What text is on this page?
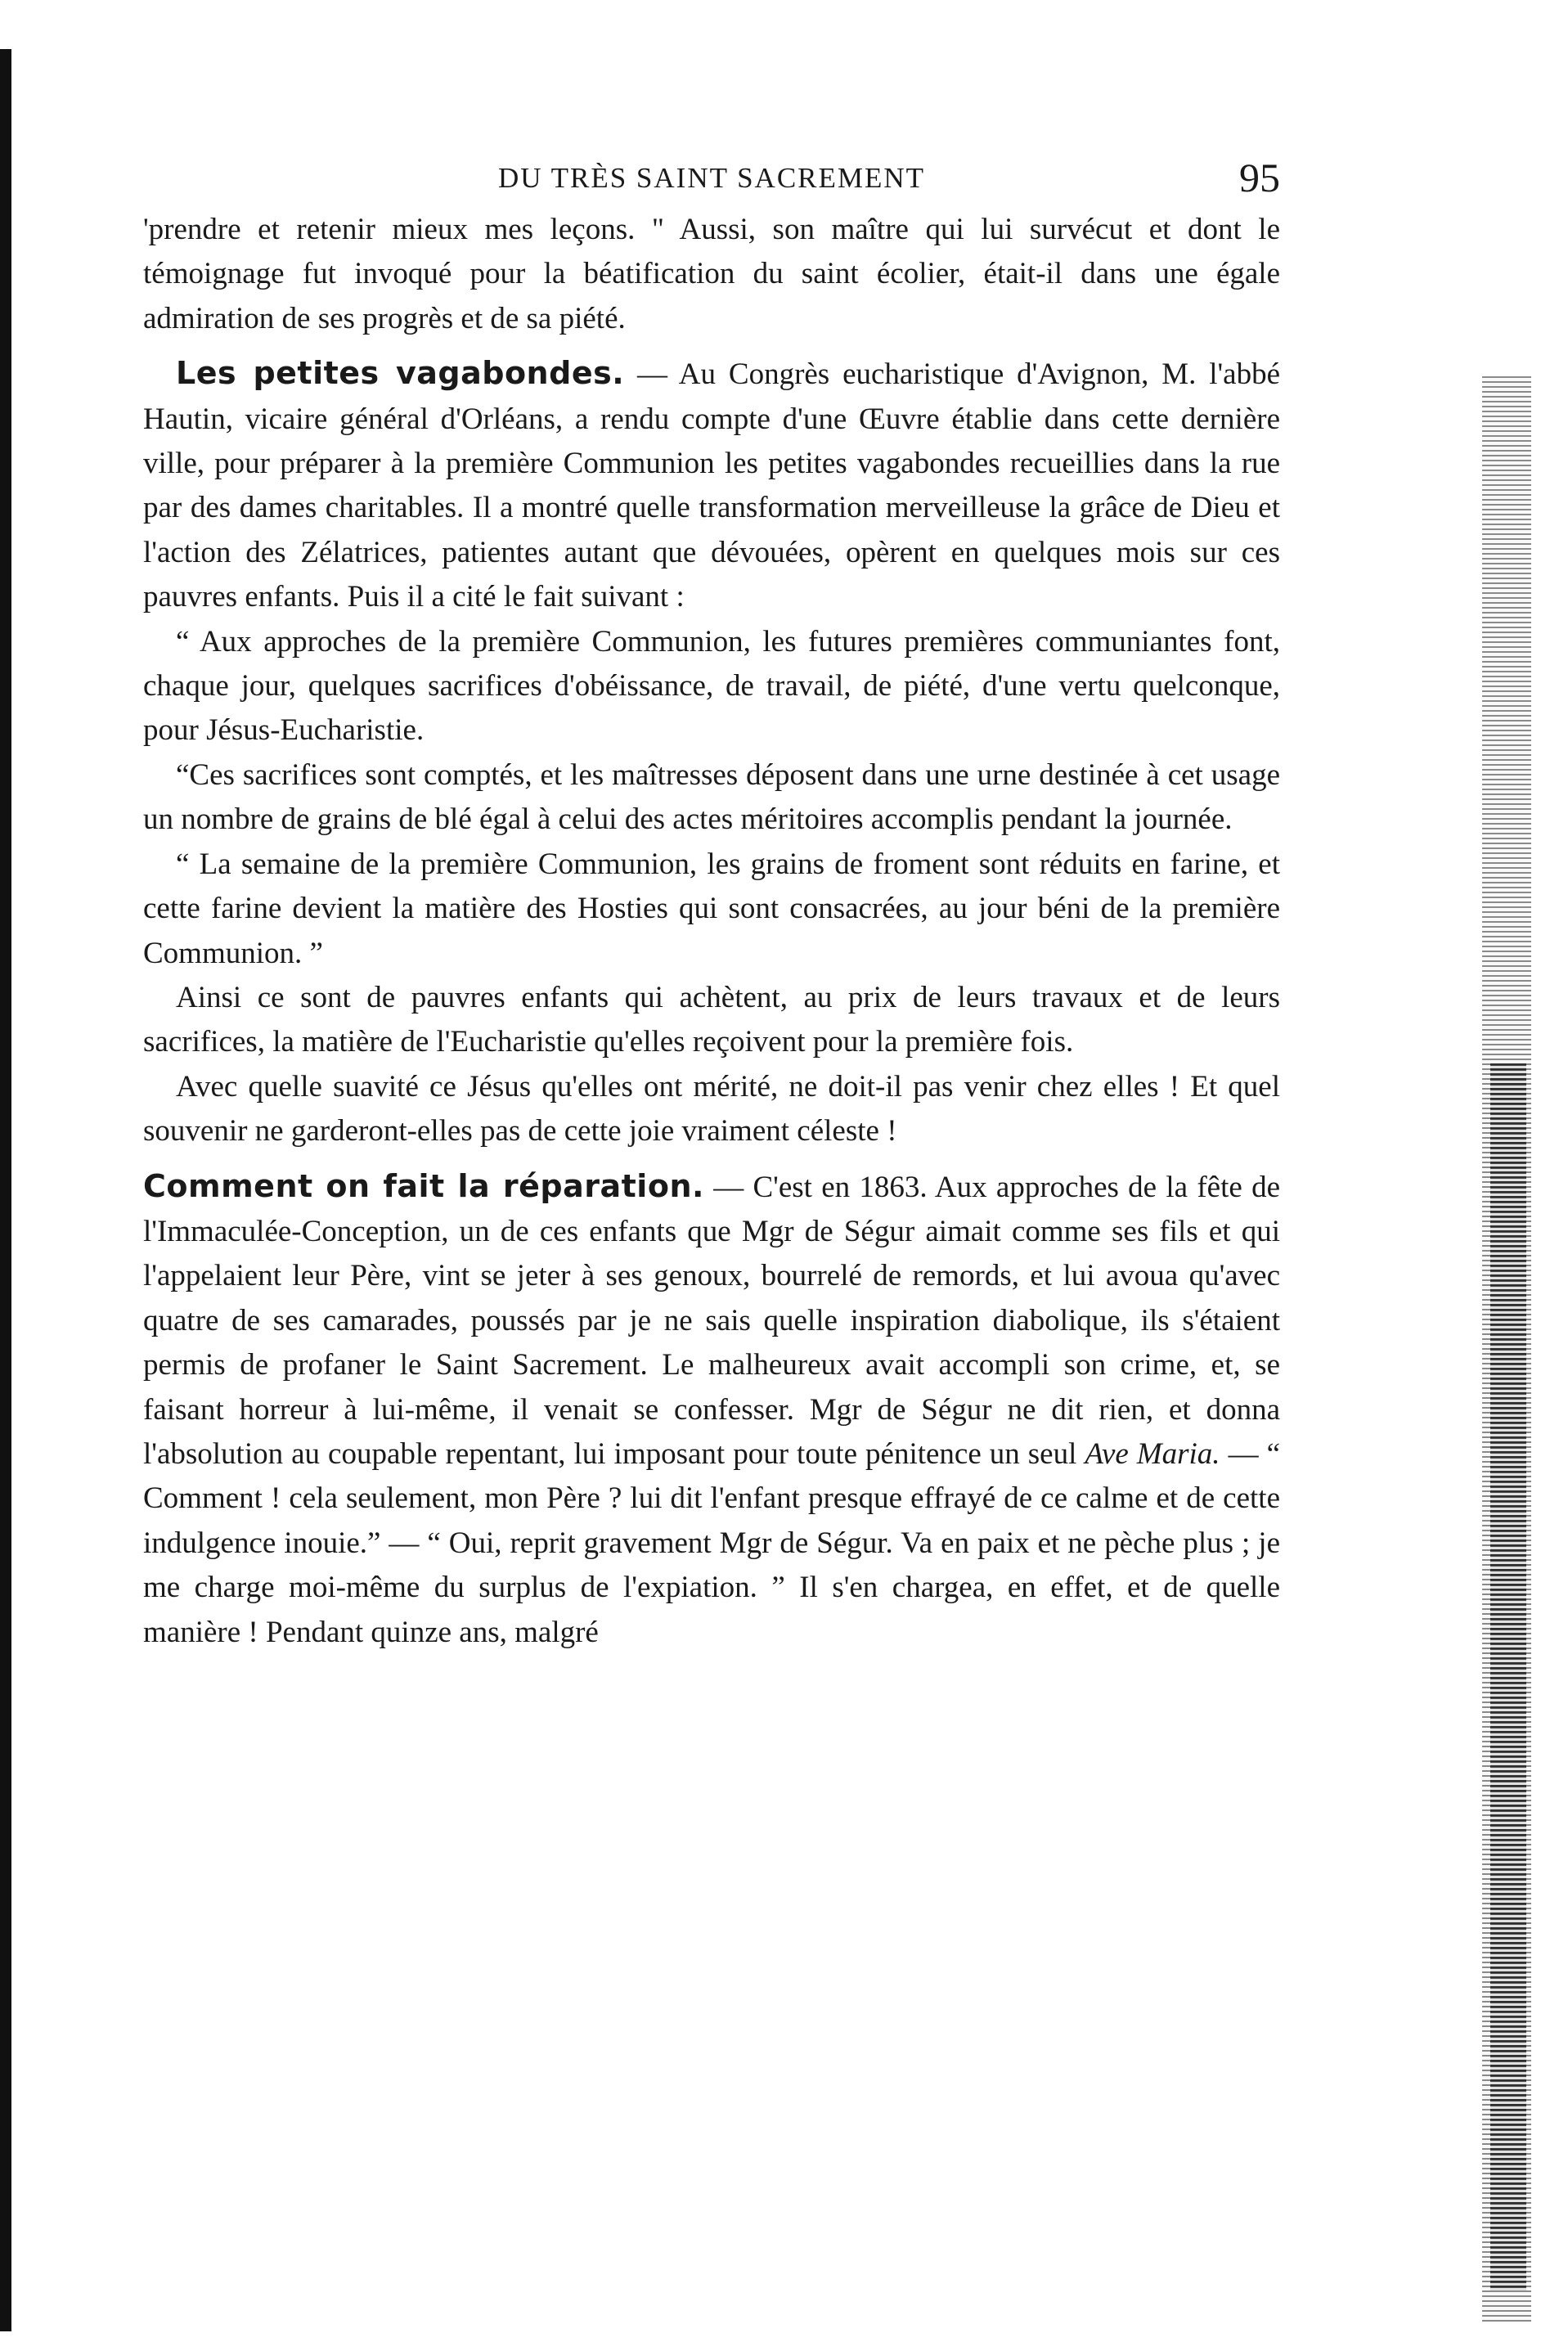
DU TRÈS SAINT SACREMENT	95

'prendre et retenir mieux mes leçons. " Aussi, son maître qui lui survécut et dont le témoignage fut invoqué pour la béatification du saint écolier, était-il dans une égale admiration de ses progrès et de sa piété.

Les petites vagabondes. — Au Congrès eucharistique d'Avignon, M. l'abbé Hautin, vicaire général d'Orléans, a rendu compte d'une Œuvre établie dans cette dernière ville, pour préparer à la première Communion les petites vagabondes recueillies dans la rue par des dames charitables. Il a montré quelle transformation merveilleuse la grâce de Dieu et l'action des Zélatrices, patientes autant que dévouées, opèrent en quelques mois sur ces pauvres enfants. Puis il a cité le fait suivant :

“ Aux approches de la première Communion, les futures premières communiantes font, chaque jour, quelques sacrifices d'obéissance, de travail, de piété, d'une vertu quelconque, pour Jésus-Eucharistie.

“Ces sacrifices sont comptés, et les maîtresses déposent dans une urne destinée à cet usage un nombre de grains de blé égal à celui des actes méritoires accomplis pendant la journée.

“ La semaine de la première Communion, les grains de froment sont réduits en farine, et cette farine devient la matière des Hosties qui sont consacrées, au jour béni de la première Communion. ”

Ainsi ce sont de pauvres enfants qui achètent, au prix de leurs travaux et de leurs sacrifices, la matière de l'Eucharistie qu'elles reçoivent pour la première fois.

Avec quelle suavité ce Jésus qu'elles ont mérité, ne doit-il pas venir chez elles ! Et quel souvenir ne garderont-elles pas de cette joie vraiment céleste !

Comment on fait la réparation. — C'est en 1863. Aux approches de la fête de l'Immaculée-Conception, un de ces enfants que Mgr de Ségur aimait comme ses fils et qui l'appelaient leur Père, vint se jeter à ses genoux, bourrelé de remords, et lui avoua qu'avec quatre de ses camarades, poussés par je ne sais quelle inspiration diabolique, ils s'étaient permis de profaner le Saint Sacrement. Le malheureux avait accompli son crime, et, se faisant horreur à lui-même, il venait se confesser. Mgr de Ségur ne dit rien, et donna l'absolution au coupable repentant, lui imposant pour toute pénitence un seul Ave Maria. — “ Comment ! cela seulement, mon Père ? lui dit l'enfant presque effrayé de ce calme et de cette indulgence inouie.” — “ Oui, reprit gravement Mgr de Ségur. Va en paix et ne pèche plus ; je me charge moi-même du surplus de l'expiation. ” Il s'en chargea, en effet, et de quelle manière ! Pendant quinze ans, malgré
